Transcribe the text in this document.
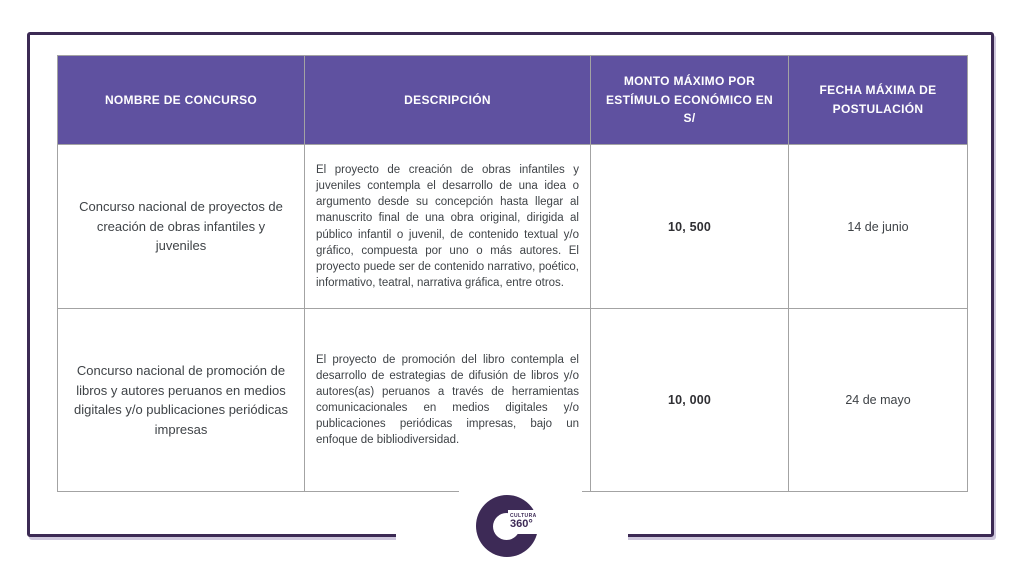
NOMBRE DE CONCURSO	DESCRIPCIÓN	MONTO MÁXIMO POR ESTÍMULO ECONÓMICO EN S/	FECHA MÁXIMA DE POSTULACIÓN
Concurso nacional de proyectos de creación de obras infantiles y juveniles	El proyecto de creación de obras infantiles y juveniles contempla el desarrollo de una idea o argumento desde su concepción hasta llegar al manuscrito final de una obra original, dirigida al público infantil o juvenil, de contenido textual y/o gráfico, compuesta por uno o más autores. El proyecto puede ser de contenido narrativo, poético, informativo, teatral, narrativa gráfica, entre otros.	10, 500	14 de junio
Concurso nacional de promoción de libros y autores peruanos en medios digitales y/o publicaciones periódicas impresas	El proyecto de promoción del libro contempla el desarrollo de estrategias de difusión de libros y/o autores(as) peruanos a través de herramientas comunicacionales en medios digitales y/o publicaciones periódicas impresas, bajo un enfoque de bibliodiversidad.	10, 000	24 de mayo
CULTURA
360°
